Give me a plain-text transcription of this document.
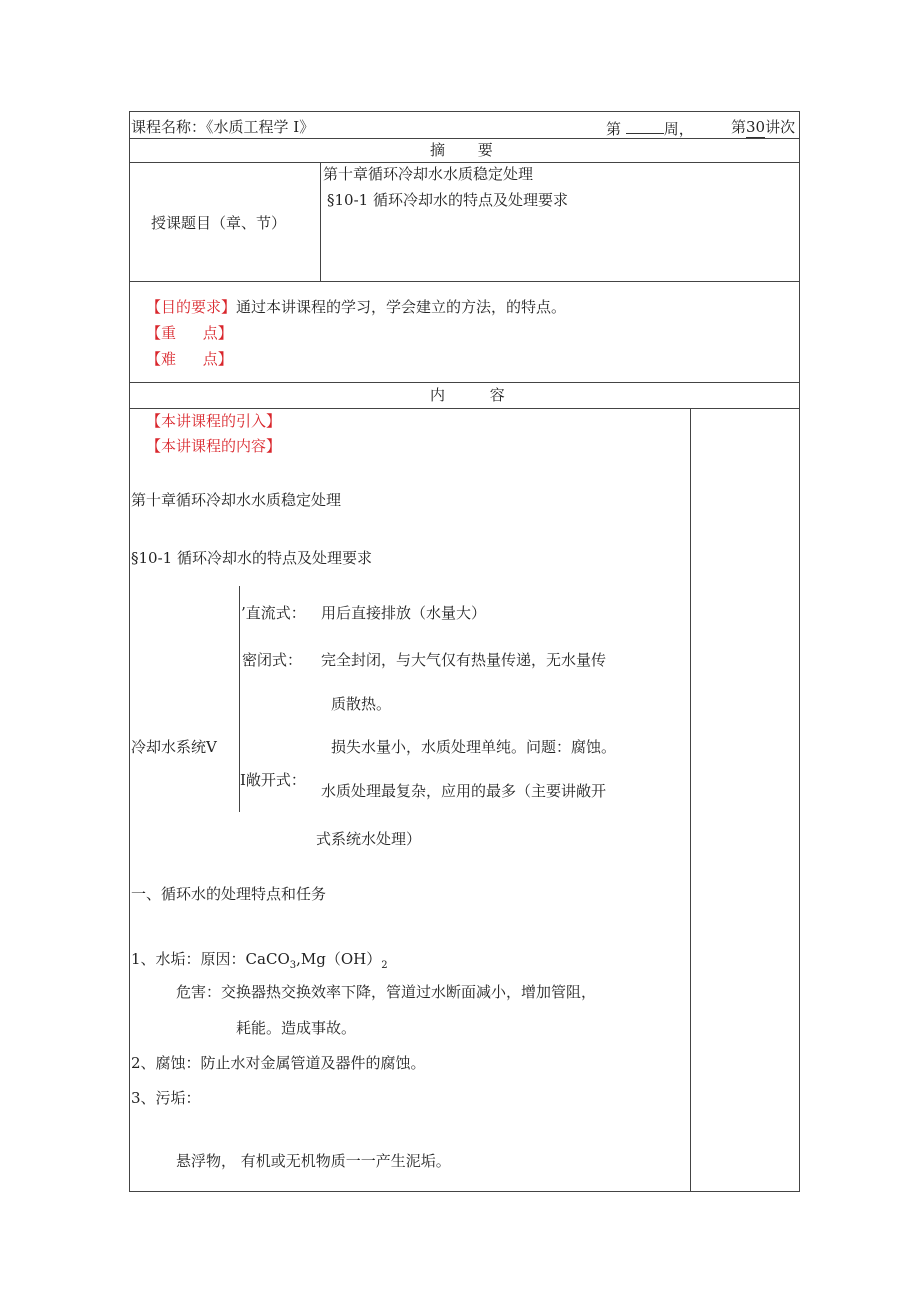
课程名称：《水质工程学 Ⅰ》	第	周， 第30讲次
摘 要
授课题目（章、节）
第十章循环冷却水水质稳定处理
§10-1 循环冷却水的特点及处理要求
【目的要求】通过本讲课程的学习，学会建立的方法，的特点。
【重 点】
【难 点】
内 容
【本讲课程的引入】
【本讲课程的内容】
第十章循环冷却水水质稳定处理
§10-1 循环冷却水的特点及处理要求
冷却水系统Ⅴ
’直流式： 用后直接排放（水量大）
密闭式： 完全封闭，与大气仅有热量传递，无水量传
质散热。
损失水量小，水质处理单纯。问题：腐蚀。
Ⅰ敞开式：
水质处理最复杂，应用的最多（主要讲敞开
式系统水处理）
一、循环水的处理特点和任务
1、水垢：原因：$CaCO_3,Mg(OH)_2$
危害：交换器热交换效率下降，管道过水断面减小，增加管阻，
耗能。造成事故。
2、腐蚀：防止水对金属管道及器件的腐蚀。
3、污垢：
悬浮物， 有机或无机物质一一产生泥垢。
